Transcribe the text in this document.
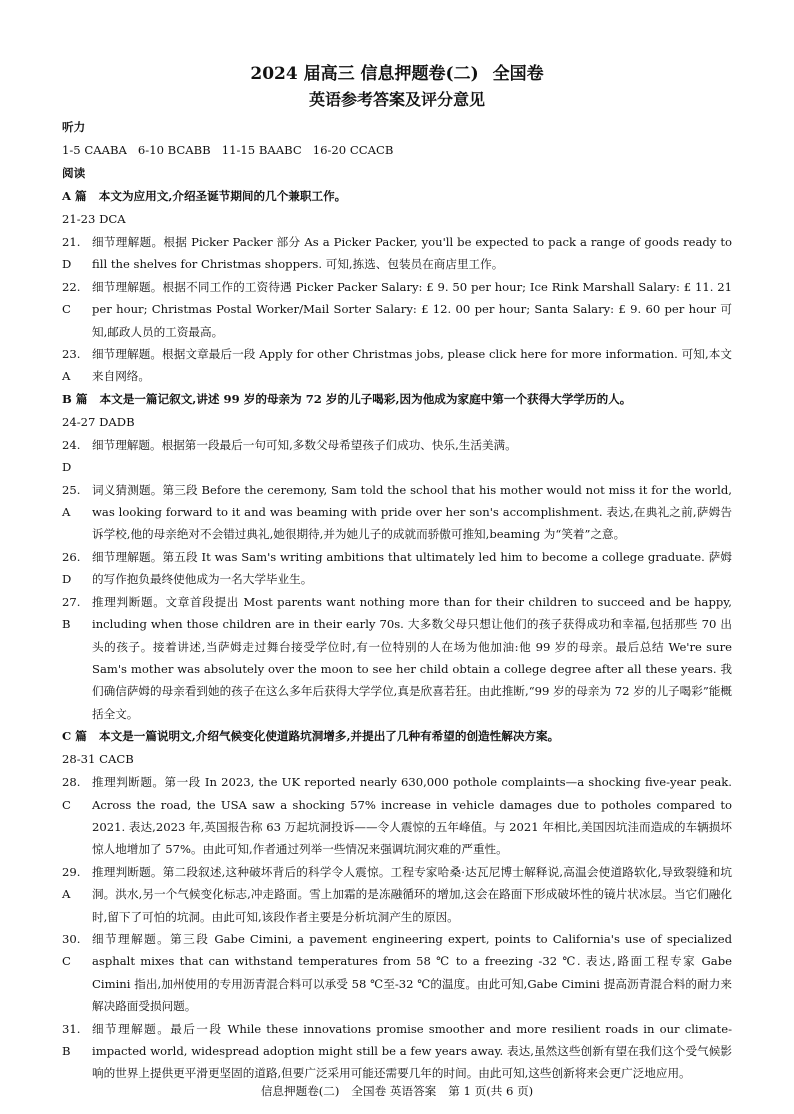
2024 届高三 信息押题卷(二) 全国卷

英语参考答案及评分意见

听力

1-5 CAABA   6-10 BCABB   11-15 BAABC   16-20 CCACB

阅读

A 篇 本文为应用文,介绍圣诞节期间的几个兼职工作。

21-23 DCA

21. D
细节理解题。根据 Picker Packer 部分 As a Picker Packer, you'll be expected to pack a range of goods ready to fill the shelves for Christmas shoppers. 可知,拣选、包装员在商店里工作。
22. C
细节理解题。根据不同工作的工资待遇 Picker Packer Salary: £ 9. 50 per hour; Ice Rink Marshall Salary: £ 11. 21 per hour; Christmas Postal Worker/Mail Sorter Salary: £ 12. 00 per hour; Santa Salary: £ 9. 60 per hour 可知,邮政人员的工资最高。
23. A
细节理解题。根据文章最后一段 Apply for other Christmas jobs, please click here for more information. 可知,本文来自网络。

B 篇 本文是一篇记叙文,讲述 99 岁的母亲为 72 岁的儿子喝彩,因为他成为家庭中第一个获得大学学历的人。

24-27 DADB

24. D
细节理解题。根据第一段最后一句可知,多数父母希望孩子们成功、快乐,生活美满。
25. A
词义猜测题。第三段 Before the ceremony, Sam told the school that his mother would not miss it for the world, was looking forward to it and was beaming with pride over her son's accomplishment. 表达,在典礼之前,萨姆告诉学校,他的母亲绝对不会错过典礼,她很期待,并为她儿子的成就而骄傲可推知,beaming 为“笑着”之意。
26. D
细节理解题。第五段 It was Sam's writing ambitions that ultimately led him to become a college graduate. 萨姆的写作抱负最终使他成为一名大学毕业生。
27. B
推理判断题。文章首段提出 Most parents want nothing more than for their children to succeed and be happy, including when those children are in their early 70s. 大多数父母只想让他们的孩子获得成功和幸福,包括那些 70 出头的孩子。接着讲述,当萨姆走过舞台接受学位时,有一位特别的人在场为他加油:他 99 岁的母亲。最后总结 We're sure Sam's mother was absolutely over the moon to see her child obtain a college degree after all these years. 我们确信萨姆的母亲看到她的孩子在这么多年后获得大学学位,真是欣喜若狂。由此推断,“99 岁的母亲为 72 岁的儿子喝彩”能概括全文。

C 篇 本文是一篇说明文,介绍气候变化使道路坑洞增多,并提出了几种有希望的创造性解决方案。

28-31 CACB

28. C
推理判断题。第一段 In 2023, the UK reported nearly 630,000 pothole complaints—a shocking five-year peak. Across the road, the USA saw a shocking 57% increase in vehicle damages due to potholes compared to 2021. 表达,2023 年,英国报告称 63 万起坑洞投诉——令人震惊的五年峰值。与 2021 年相比,美国因坑洼而造成的车辆损坏惊人地增加了 57%。由此可知,作者通过列举一些情况来强调坑洞灾难的严重性。
29. A
推理判断题。第二段叙述,这种破坏背后的科学令人震惊。工程专家哈桑·达瓦尼博士解释说,高温会使道路软化,导致裂缝和坑洞。洪水,另一个气候变化标志,冲走路面。雪上加霜的是冻融循环的增加,这会在路面下形成破坏性的镜片状冰层。当它们融化时,留下了可怕的坑洞。由此可知,该段作者主要是分析坑洞产生的原因。
30. C
细节理解题。第三段 Gabe Cimini, a pavement engineering expert, points to California's use of specialized asphalt mixes that can withstand temperatures from 58 ℃ to a freezing -32 ℃. 表达,路面工程专家 Gabe Cimini 指出,加州使用的专用沥青混合料可以承受 58 ℃至-32 ℃的温度。由此可知,Gabe Cimini 提高沥青混合料的耐力来解决路面受损问题。
31. B
细节理解题。最后一段 While these innovations promise smoother and more resilient roads in our climate-impacted world, widespread adoption might still be a few years away. 表达,虽然这些创新有望在我们这个受气候影响的世界上提供更平滑更坚固的道路,但要广泛采用可能还需要几年的时间。由此可知,这些创新将来会更广泛地应用。
信息押题卷(二) 全国卷 英语答案 第 1 页(共 6 页)
